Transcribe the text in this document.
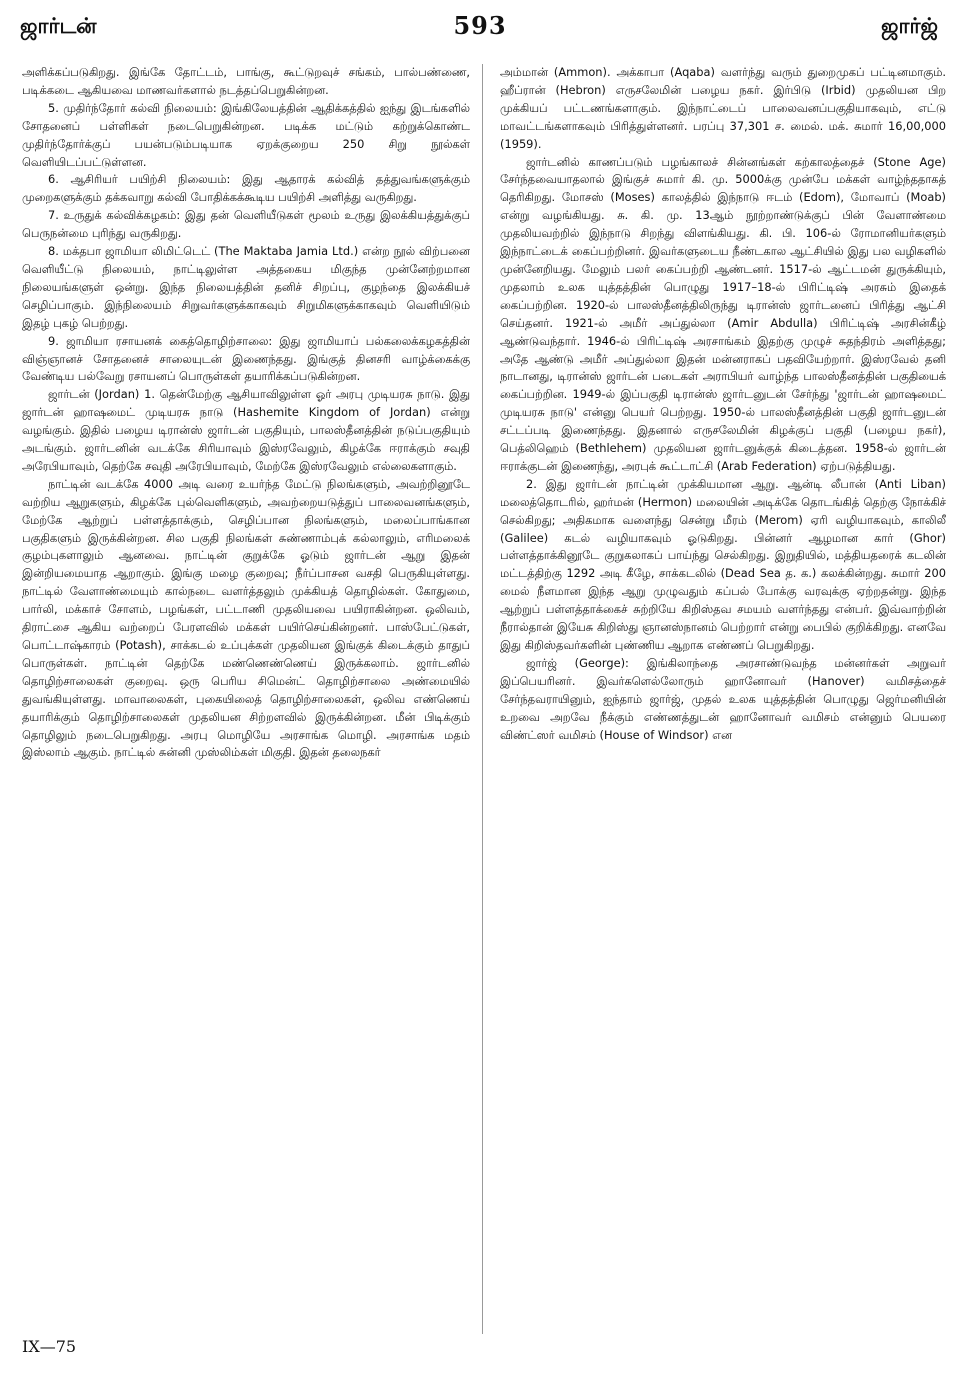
ஜார்டன்	593	ஜார்ஜ்

அளிக்கப்படுகிறது. இங்கே தோட்டம், பாங்கு, கூட்டுறவுச் சங்கம், பால்பண்ணை, படிக்கடை ஆகியவை மாணவர்களால் நடத்தப்பெறுகின்றன.

5. முதிர்ந்தோர் கல்வி நிலையம்: இங்கிலேயத்தின் ஆதிக்கத்தில் ஐந்து இடங்களில் சோதனைப் பள்ளிகள் நடைபெறுகின்றன. படிக்க மட்டும் கற்றுக்கொண்ட முதிர்ந்தோர்க்குப் பயன்படும்படியாக ஏறக்குறைய 250 சிறு நூல்கள் வெளியிடப்பட்டுள்ளன.

6. ஆசிரியர் பயிற்சி நிலையம்: இது ஆதாரக் கல்வித் தத்துவங்களுக்கும் முறைகளுக்கும் தக்கவாறு கல்வி போதிக்கக்கூடிய பயிற்சி அளித்து வருகிறது.

7. உருதுக் கல்விக்கழகம்: இது தன் வெளியீடுகள் மூலம் உருது இலக்கியத்துக்குப் பெருநன்மை புரிந்து வருகிறது.

8. மக்தபா ஜாமியா லிமிட்டெட் (The Maktaba Jamia Ltd.) என்ற நூல் விற்பனை வெளியீட்டு நிலையம், நாட்டிலுள்ள அத்தகைய மிகுந்த முன்னேற்றமான நிலையங்களுள் ஒன்று. இந்த நிலையத்தின் தனிச் சிறப்பு, குழந்தை இலக்கியச் செழிப்பாகும். இந்நிலையம் சிறுவர்களுக்காகவும் சிறுமிகளுக்காகவும் வெளியிடும் இதழ் புகழ் பெற்றது.

9. ஜாமியா ரசாயனக் கைத்தொழிற்சாலை: இது ஜாமியாப் பல்கலைக்கழகத்தின் விஞ்ஞானச் சோதனைச் சாலையுடன் இணைந்தது. இங்குத் தினசரி வாழ்க்கைக்கு வேண்டிய பல்வேறு ரசாயனப் பொருள்கள் தயாரிக்கப்படுகின்றன.

ஜார்டன் (Jordan) 1. தென்மேற்கு ஆசியாவிலுள்ள ஓர் அரபு முடியரசு நாடு. இது ஜார்டன் ஹாஷமைட் முடியரசு நாடு (Hashemite Kingdom of Jordan) என்று வழங்கும். இதில் பழைய டிரான்ஸ் ஜார்டன் பகுதியும், பாலஸ்தீனத்தின் நடுப்பகுதியும் அடங்கும். ஜார்டனின் வடக்கே சிரியாவும் இஸ்ரவேலும், கிழக்கே ஈராக்கும் சவுதி அரேபியாவும், தெற்கே சவுதி அரேபியாவும், மேற்கே இஸ்ரவேலும் எல்லைகளாகும்.

நாட்டின் வடக்கே 4000 அடி வரை உயர்ந்த மேட்டு நிலங்களும், அவற்றினூடே வற்றிய ஆறுகளும், கிழக்கே புல்வெளிகளும், அவற்றையடுத்துப் பாலைவனங்களும், மேற்கே ஆற்றுப் பள்ளத்தாக்கும், செழிப்பான நிலங்களும், மலைப்பாங்கான பகுதிகளும் இருக்கின்றன. சில பகுதி நிலங்கள் சுண்ணாம்புக் கல்லாலும், எரிமலைக் குழம்புகளாலும் ஆனவை. நாட்டின் குறுக்கே ஓடும் ஜார்டன் ஆறு இதன் இன்றியமையாத ஆறாகும். இங்கு மழை குறைவு; நீர்ப்பாசன வசதி பெருகியுள்ளது. நாட்டில் வேளாண்மையும் கால்நடை வளர்த்தலும் முக்கியத் தொழில்கள். கோதுமை, பார்லி, மக்காச் சோளம், பழங்கள், பட்டாணி முதலியவை பயிராகின்றன. ஒலிவம், திராட்சை ஆகிய வற்றைப் பேரளவில் மக்கள் பயிர்செய்கின்றனர். பாஸ்பேட்டுகள், பொட்டாஷ்காரம் (Potash), சாக்கடல் உப்புக்கள் முதலியன இங்குக் கிடைக்கும் தாதுப் பொருள்கள். நாட்டின் தெற்கே மண்ணெண்ணெய் இருக்கலாம். ஜார்டனில் தொழிற்சாலைகள் குறைவு. ஒரு பெரிய சிமென்ட் தொழிற்சாலை அண்மையில் துவங்கியுள்ளது. மாவாலைகள், புகையிலைத் தொழிற்சாலைகள், ஒலிவ எண்ணெய் தயாரிக்கும் தொழிற்சாலைகள் முதலியன சிற்றளவில் இருக்கின்றன. மீன் பிடிக்கும் தொழிலும் நடைபெறுகிறது. அரபு மொழியே அரசாங்க மொழி. அரசாங்க மதம் இஸ்லாம் ஆகும். நாட்டில் சுன்னி முஸ்லிம்கள் மிகுதி. இதன் தலைநகர்

அம்மான் (Ammon). அக்காபா (Aqaba) வளர்ந்து வரும் துறைமுகப் பட்டினமாகும். ஹீப்ரான் (Hebron) எருசலேமின் பழைய நகர். இர்பிடு (Irbid) முதலியன பிற முக்கியப் பட்டணங்களாகும். இந்நாட்டைப் பாலைவனப்பகுதியாகவும், எட்டு மாவட்டங்களாகவும் பிரித்துள்ளனர். பரப்பு 37,301 ச. மைல். மக். சுமார் 16,00,000 (1959).

ஜார்டனில் காணப்படும் பழங்காலச் சின்னங்கள் கற்காலத்தைச் (Stone Age) சேர்ந்தவையாதலால் இங்குச் சுமார் கி. மு. 5000க்கு முன்பே மக்கள் வாழ்ந்ததாகத் தெரிகிறது. மோசஸ் (Moses) காலத்தில் இந்நாடு ஈடம் (Edom), மோவாப் (Moab) என்று வழங்கியது. சு. கி. மு. 13ஆம் நூற்றாண்டுக்குப் பின் வேளாண்மை முதலியவற்றில் இந்நாடு சிறந்து விளங்கியது. கி. பி. 106-ல் ரோமானியர்களும் இந்நாட்டைக் கைப்பற்றினர். இவர்களுடைய நீண்டகால ஆட்சியில் இது பல வழிகளில் முன்னேறியது. மேலும் பலர் கைப்பற்றி ஆண்டனர். 1517-ல் ஆட்டமன் துருக்கியும், முதலாம் உலக யுத்தத்தின் பொழுது 1917–18-ல் பிரிட்டிஷ் அரசும் இதைக் கைப்பற்றின. 1920-ல் பாலஸ்தீனத்திலிருந்து டிரான்ஸ் ஜார்டனைப் பிரித்து ஆட்சி செய்தனர். 1921-ல் அமீர் அப்துல்லா (Amir Abdulla) பிரிட்டிஷ் அரசின்கீழ் ஆண்டுவந்தார். 1946-ல் பிரிட்டிஷ் அரசாங்கம் இதற்கு முழுச் சுதந்திரம் அளித்தது; அதே ஆண்டு அமீர் அப்துல்லா இதன் மன்னராகப் பதவியேற்றார். இஸ்ரவேல் தனி நாடானது, டிரான்ஸ் ஜார்டன் படைகள் அராபியர் வாழ்ந்த பாலஸ்தீனத்தின் பகுதியைக் கைப்பற்றின. 1949-ல் இப்பகுதி டிரான்ஸ் ஜார்டனுடன் சேர்ந்து 'ஜார்டன் ஹாஷமைட் முடியரசு நாடு' என்னு பெயர் பெற்றது. 1950-ல் பாலஸ்தீனத்தின் பகுதி ஜார்டனுடன் சட்டப்படி இணைந்தது. இதனால் எருசலேமின் கிழக்குப் பகுதி (பழைய நகர்), பெத்லிஹெம் (Bethlehem) முதலியன ஜார்டனுக்குக் கிடைத்தன. 1958-ல் ஜார்டன் ஈராக்குடன் இணைந்து, அரபுக் கூட்டாட்சி (Arab Federation) ஏற்படுத்தியது.

2. இது ஜார்டன் நாட்டின் முக்கியமான ஆறு. ஆன்டி லீபான் (Anti Liban) மலைத்தொடரில், ஹர்மன் (Hermon) மலையின் அடிக்கே தொடங்கித் தெற்கு நோக்கிச் செல்கிறது; அதிகமாக வளைந்து சென்று மீரம் (Merom) ஏரி வழியாகவும், காலிலீ (Galilee) கடல் வழியாகவும் ஓடுகிறது. பின்னர் ஆழமான கார் (Ghor) பள்ளத்தாக்கினூடே குறுகலாகப் பாய்ந்து செல்கிறது. இறுதியில், மத்தியதரைக் கடலின் மட்டத்திற்கு 1292 அடி கீழே, சாக்கடலில் (Dead Sea த. க.) கலக்கின்றது. சுமார் 200 மைல் நீளமான இந்த ஆறு முழுவதும் கப்பல் போக்கு வரவுக்கு ஏற்றதன்று. இந்த ஆற்றுப் பள்ளத்தாக்கைச் சுற்றியே கிறிஸ்தவ சமயம் வளர்ந்தது என்பர். இவ்வாற்றின் நீரால்தான் இயேசு கிறிஸ்து ஞானஸ்நானம் பெற்றார் என்று பைபில் குறிக்கிறது. எனவே இது கிறிஸ்தவர்களின் புண்ணிய ஆறாக எண்ணப் பெறுகிறது.

ஜார்ஜ் (George): இங்கிலாந்தை அரசாண்டுவந்த மன்னர்கள் அறுவர் இப்பெயரினர். இவர்களெல்லோரும் ஹானோவர் (Hanover) வமிசத்தைச் சேர்ந்தவராயினும், ஐந்தாம் ஜார்ஜ், முதல் உலக யுத்தத்தின் பொழுது ஜெர்மனியின் உறவை அறவே நீக்கும் எண்ணத்துடன் ஹானோவர் வமிசம் என்னும் பெயரை விண்ட்ஸர் வமிசம் (House of Windsor) என

IX—75
